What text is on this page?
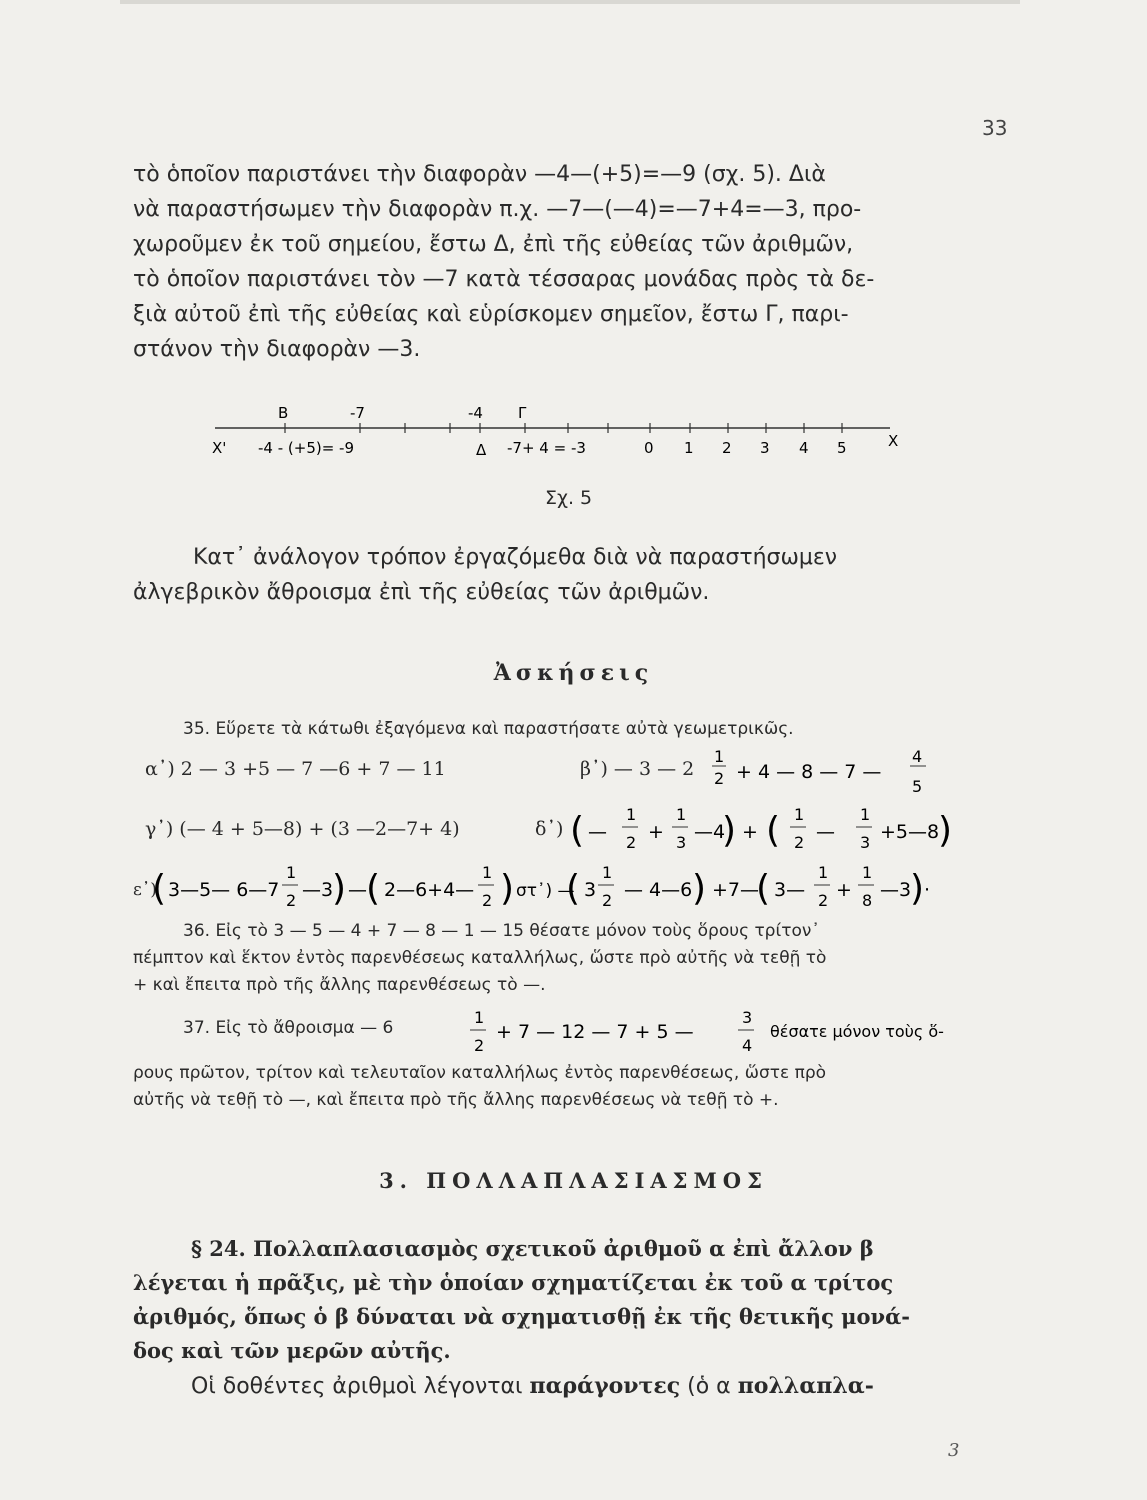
33

τὸ ὁποῖον παριστάνει τὴν διαφορὰν —4—(+5)=—9 (σχ. 5). Διὰ
νὰ παραστήσωμεν τὴν διαφορὰν π.χ. —7—(—4)=—7+4=—3, προ-
χωροῦμεν ἐκ τοῦ σημείου, ἔστω Δ, ἐπὶ τῆς εὐθείας τῶν ἀριθμῶν,
τὸ ὁποῖον παριστάνει τὸν —7 κατὰ τέσσαρας μονάδας πρὸς τὰ δε-
ξιὰ αὐτοῦ ἐπὶ τῆς εὐθείας καὶ εὑρίσκομεν σημεῖον, ἔστω Γ, παρι-
στάνον τὴν διαφορὰν —3.

B	-7	-4 Γ
X' -4 - (+5)= -9	Δ -7+ 4 = -3	0 1 2 3 4 5	X
Σχ. 5

Κατ᾽ ἀνάλογον τρόπον ἐργαζόμεθα διὰ νὰ παραστήσωμεν
ἀλγεβρικὸν ἄθροισμα ἐπὶ τῆς εὐθείας τῶν ἀριθμῶν.

Ἀσκήσεις
35. Εὕρετε τὰ κάτωθι ἐξαγόμενα καὶ παραστήσατε αὐτὰ γεωμετρικῶς.
α᾽) 2 — 3 +5 — 7 —6 + 7 — 11	β᾽) — 3 — 2
1
2 + 4 — 8 — 7 —
4
5
γ᾽) (— 4 + 5—8) + (3 —2—7+ 4)	δ᾽) ( —
1
2 +
1
3 —4
) + ( 1
2 —
1
3 +5—8
)
ε᾽)
( 3—5— 6—7
1
2 —3
) — ( 2—6+4—
1
2 ) στ᾽) —
( 3
1
2 — 4—6 ) +7—
( 3—
1
2 +
1
8 —3
) ·

36. Εἰς τὸ 3 — 5 — 4 + 7 — 8 — 1 — 15 θέσατε μόνον τοὺς ὅρους τρίτον᾽
πέμπτον καὶ ἕκτον ἐντὸς παρενθέσεως καταλλήλως, ὥστε πρὸ αὐτῆς νὰ τεθῇ τὸ
+ καὶ ἔπειτα πρὸ τῆς ἄλλης παρενθέσεως τὸ —.

37. Εἰς τὸ ἄθροισμα — 6
1
2
+ 7 — 12 — 7 + 5 —
3
4
θέσατε μόνον τοὺς ὅ-

ρους πρῶτον, τρίτον καὶ τελευταῖον καταλλήλως ἐντὸς παρενθέσεως, ὥστε πρὸ
αὐτῆς νὰ τεθῇ τὸ —, καὶ ἔπειτα πρὸ τῆς ἄλλης παρενθέσεως νὰ τεθῇ τὸ +.

3. ΠΟΛΛΑΠΛΑΣΙΑΣΜΟΣ

§ 24. Πολλαπλασιασμὸς σχετικοῦ ἀριθμοῦ α ἐπὶ ἄλλον β
λέγεται ἡ πρᾶξις, μὲ τὴν ὁποίαν σχηματίζεται ἐκ τοῦ α τρίτος
ἀριθμός, ὅπως ὁ β δύναται νὰ σχηματισθῇ ἐκ τῆς θετικῆς μονά-
δος καὶ τῶν μερῶν αὐτῆς.

Οἱ δοθέντες ἀριθμοὶ λέγονται παράγοντες (ὁ α πολλαπλα-

3
